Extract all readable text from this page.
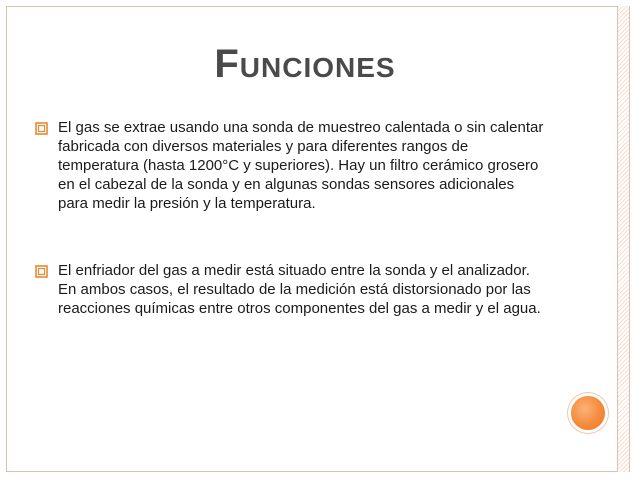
Funciones
El gas se extrae usando una sonda de muestreo calentada o sin calentar fabricada con diversos materiales y para diferentes rangos de temperatura (hasta 1200°C y superiores). Hay un filtro cerámico grosero en el cabezal de la sonda y en algunas sondas sensores adicionales para medir la presión y la temperatura.
El enfriador del gas a medir está situado entre la sonda y el analizador. En ambos casos, el resultado de la medición está distorsionado por las reacciones químicas entre otros componentes del gas a medir y el agua.
